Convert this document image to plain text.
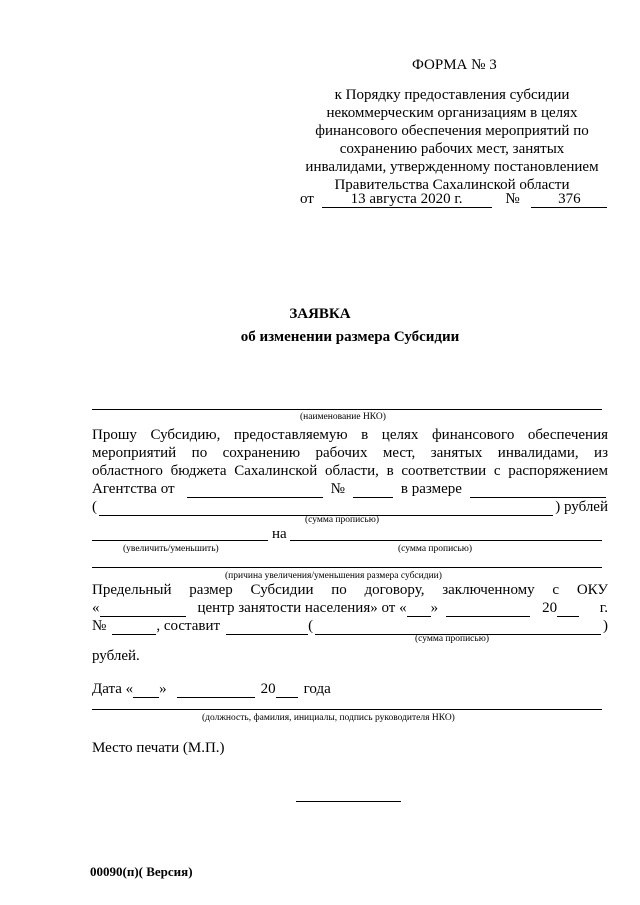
ФОРМА № 3
к Порядку предоставления субсидии
некоммерческим организациям в целях
финансового обеспечения мероприятий по
сохранению рабочих мест, занятых
инвалидами, утвержденному постановлением
Правительства Сахалинской области
от 13 августа 2020 г.	№	376
ЗАЯВКА
об изменении размера Субсидии
(наименование НКО)
Прошу Субсидию, предоставляемую в целях финансового обеспечения
мероприятий по сохранению рабочих мест, занятых инвалидами, из
областного бюджета Сахалинской области, в соответствии с распоряжением
Агентства от	№	в размере
(	) рублей
(сумма прописью)
на
(увеличить/уменьшить)	(сумма прописью)
(причина увеличения/уменьшения размера субсидии)
Предельный размер Субсидии по договору, заключенному с ОКУ
«	центр занятости населения» от « »	20	г.
№	, составит	(	)
(сумма прописью)
рублей.
Дата « »	20 года
(должность, фамилия, инициалы, подпись руководителя НКО)
Место печати (М.П.)
00090(п)( Версия)
